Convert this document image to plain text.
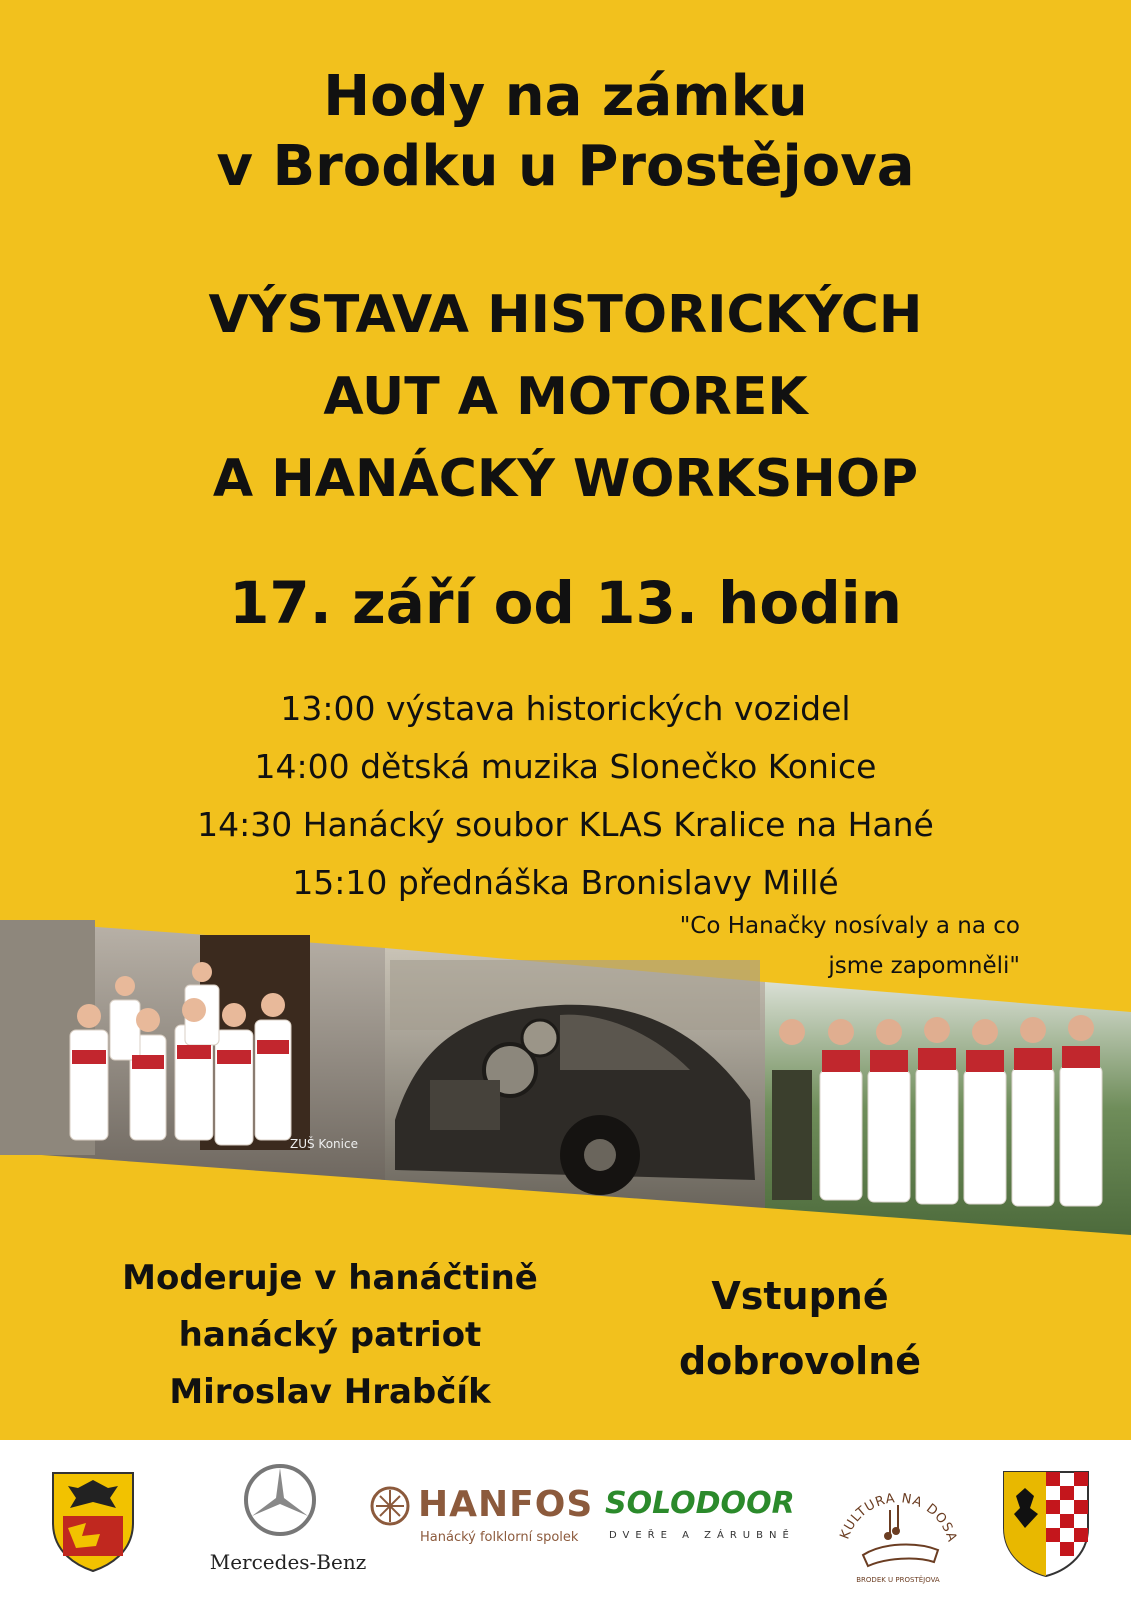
Hody na zámku
v Brodku u Prostějova
VÝSTAVA HISTORICKÝCH
AUT A MOTOREK
A HANÁCKÝ WORKSHOP
17. září od 13. hodin
13:00 výstava historických vozidel
14:00 dětská muzika Slonečko Konice
14:30 Hanácký soubor KLAS Kralice na Hané
15:10 přednáška Bronislavy Millé
"Co Hanačky nosívaly a na co
jsme zapomněli"
ZUŠ Konice
Moderuje v hanáčtině
hanácký patriot
Miroslav Hrabčík
Vstupné
dobrovolné
Mercedes-Benz
HANFOS
Hanácký folklorní spolek
SOLODOOR
DVEŘE A ZÁRUBNĚ	KULTURA NA DOSA
BRODEK U PROSTĚJOVA
